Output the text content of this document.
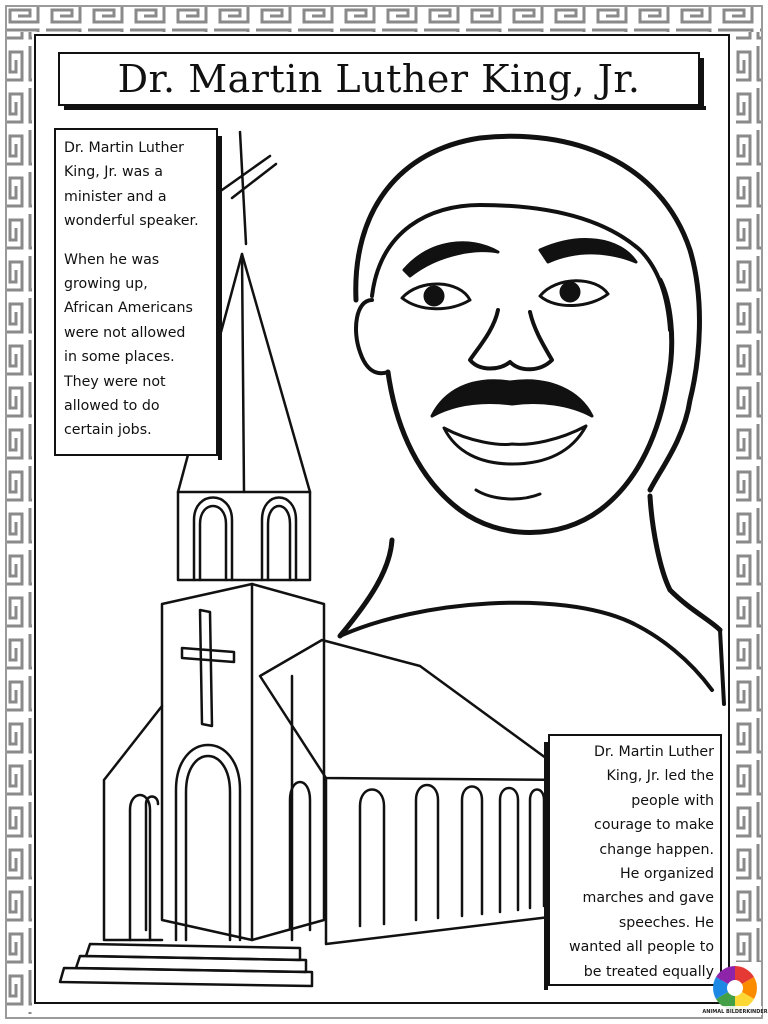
Dr. Martin Luther King, Jr.

Dr. Martin Luther

King, Jr. was a

minister and a

wonderful speaker.

When he was

growing up,

African Americans

were not allowed

in some places.

They were not

allowed to do

certain jobs.

Dr. Martin Luther

King, Jr. led the

people with

courage to make

change happen.

He organized

marches and gave

speeches. He

wanted all people to

be treated equally

ANIMAL BILDERKINDER
